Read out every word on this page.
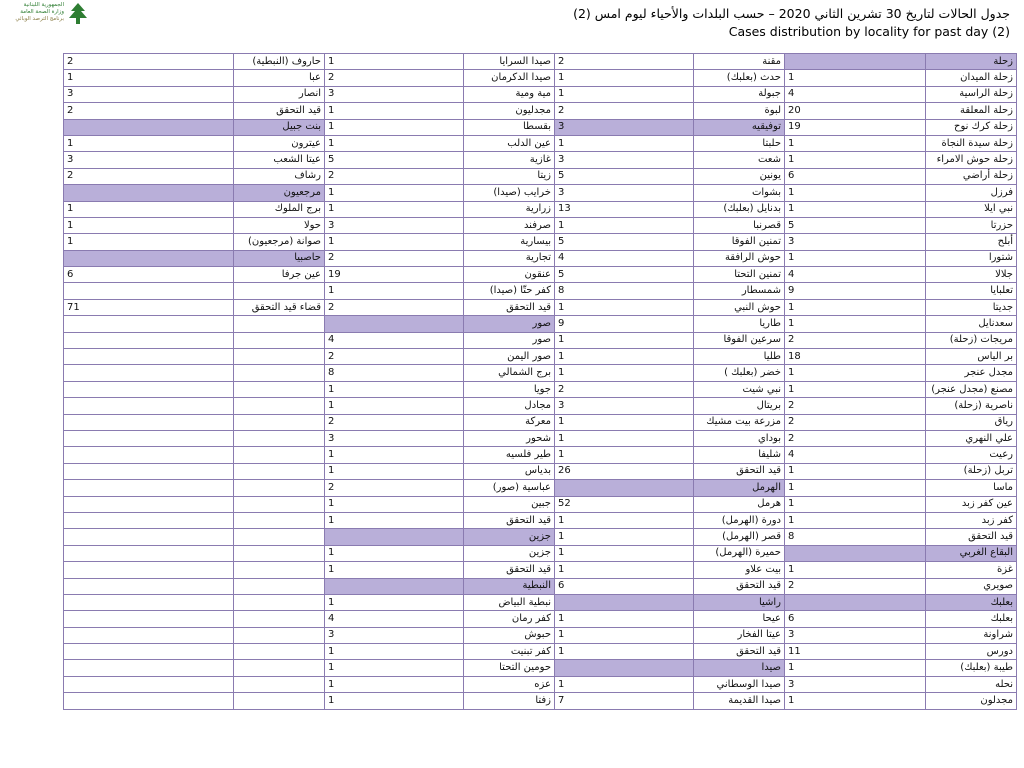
الجمهورية اللبنانية
وزارة الصحة العامة
برنامج الترصد الوبائي	جدول الحالات لتاريخ 30 تشرين الثاني 2020 – حسب البلدات والأحياء ليوم امس (2)
Cases distribution by locality for past day (2)
زحلة		مقنة	2	صيدا السرايا	1	حاروف (النبطية)	2
زحلة الميدان	1	حدث (بعلبك)	1	صيدا الدكرمان	2	عبا	1
زحلة الراسية	4	جبولة	1	مية ومية	3	انصار	3
زحلة المعلقة	20	لبوة	2	مجدليون	1	قيد التحقق	2
زحلة كرك نوح	19	توفيقيه	3	بقسطا	1	بنت جبيل	
زحلة سيدة النجاة	1	حلبتا	1	عين الدلب	1	عيترون	1
زحلة حوش الامراء	1	شعت	3	غازية	5	عيتا الشعب	3
زحلة أراضي	6	يونين	5	زيتا	2	رشاف	2
فرزل	1	بشوات	3	خرايب (صيدا)	1	مرجعيون	
نبي ايلا	1	بدنايل (بعلبك)	13	زرارية	1	برج الملوك	1
حزرتا	5	قصرنبا	1	صرفند	3	حولا	1
أبلح	3	تمنين الفوقا	5	بيسارية	1	صوانة (مرجعيون)	1
شتورا	1	حوش الرافقة	4	تجارية	2	حاصبيا	
جلالا	4	تمنين التحتا	5	عنقون	19	عين جرفا	6
تعلبايا	9	شمسطار	8	كفر حتّا (صيدا)	1		
جديتا	1	حوش النبي	1	قيد التحقق	2	قضاء قيد التحقق	71
سعدنايل	1	طاريا	9	صور			
مريجات (زحلة)	2	سرعين الفوقا	1	صور	4		
بر الياس	18	طليا	1	صور اليمن	2		
مجدل عنجر	1	خضر (بعلبك )	1	برج الشمالي	8		
مصنع (مجدل عنجر)	1	نبي شيت	2	جويا	1		
ناصرية (زحلة)	2	بريتال	3	مجادل	1		
رياق	2	مزرعة بيت مشيك	1	معركة	2		
علي النهري	2	بوداي	1	شحور	3		
رعيت	4	شليفا	1	طير فلسيه	1		
تربل (زحلة)	1	قيد التحقق	26	بدياس	1		
ماسا	1	الهرمل		عباسية (صور)	2		
عين كفر زبد	1	هرمل	52	جبين	1		
كفر زبد	1	دورة (الهرمل)	1	قيد التحقق	1		
قيد التحقق	8	قصر (الهرمل)	1	جزين			
البقاع الغربي		حميرة (الهرمل)	1	جزين	1		
غزة	1	بيت علاو	1	قيد التحقق	1		
صويري	2	قيد التحقق	6	النبطية			
بعلبك		راشيا		نبطية البياض	1		
بعلبك	6	عيحا	1	كفر رمان	4		
شراونة	3	عيتا الفخار	1	حبوش	3		
دورس	11	قيد التحقق	1	كفر تبنيت	1		
طيبة (بعلبك)	1	صيدا		حومين التحتا	1		
نحله	3	صيدا الوسطاني	1	عزه	1		
مجدلون	1	صيدا القديمة	7	زفتا	1		
